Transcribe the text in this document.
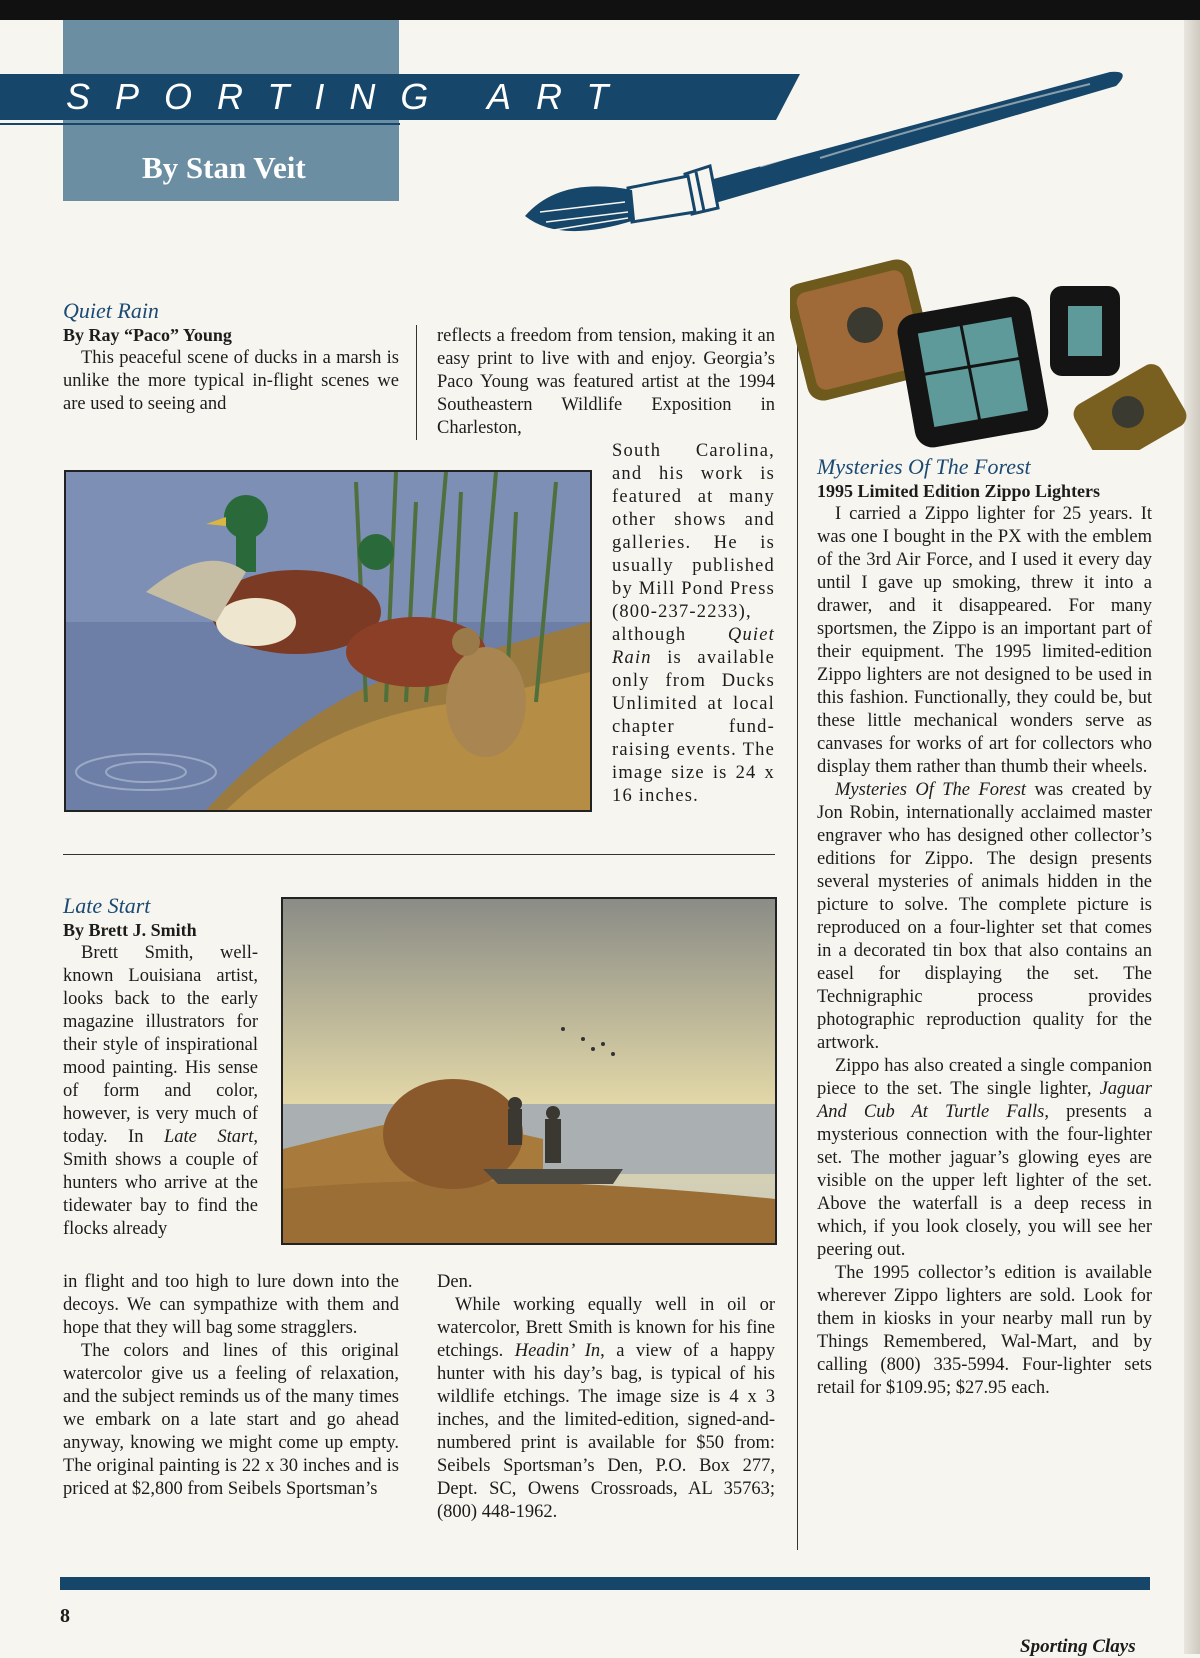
SPORTING ART
By Stan Veit
Quiet Rain
By Ray “Paco” Young

This peaceful scene of ducks in a marsh is unlike the more typical in-flight scenes we are used to seeing and

reflects a freedom from tension, making it an easy print to live with and enjoy. Georgia’s Paco Young was featured artist at the 1994 Southeastern Wildlife Exposition in Charleston,

South Carolina, and his work is featured at many other shows and galleries. He is usually published by Mill Pond Press (800-237-2233), although Quiet Rain is available only from Ducks Unlimited at local chapter fund-raising events. The image size is 24 x 16 inches.

Late Start
By Brett J. Smith

Brett Smith, well-known Louisiana artist, looks back to the early magazine illustrators for their style of inspirational mood painting. His sense of form and color, however, is very much of today. In Late Start, Smith shows a couple of hunters who arrive at the tidewater bay to find the flocks already

in flight and too high to lure down into the decoys. We can sympathize with them and hope that they will bag some stragglers.

The colors and lines of this original watercolor give us a feeling of relaxation, and the subject reminds us of the many times we embark on a late start and go ahead anyway, knowing we might come up empty. The original painting is 22 x 30 inches and is priced at $2,800 from Seibels Sportsman’s

Den.

While working equally well in oil or watercolor, Brett Smith is known for his fine etchings. Headin’ In, a view of a happy hunter with his day’s bag, is typical of his wildlife etchings. The image size is 4 x 3 inches, and the limited-edition, signed-and-numbered print is available for $50 from: Seibels Sportsman’s Den, P.O. Box 277, Dept. SC, Owens Crossroads, AL 35763; (800) 448-1962.

Mysteries Of The Forest
1995 Limited Edition Zippo Lighters

I carried a Zippo lighter for 25 years. It was one I bought in the PX with the emblem of the 3rd Air Force, and I used it every day until I gave up smoking, threw it into a drawer, and it disappeared. For many sportsmen, the Zippo is an important part of their equipment. The 1995 limited-edition Zippo lighters are not designed to be used in this fashion. Functionally, they could be, but these little mechanical wonders serve as canvases for works of art for collectors who display them rather than thumb their wheels.

Mysteries Of The Forest was created by Jon Robin, internationally acclaimed master engraver who has designed other collector’s editions for Zippo. The design presents several mysteries of animals hidden in the picture to solve. The complete picture is reproduced on a four-lighter set that comes in a decorated tin box that also contains an easel for displaying the set. The Technigraphic process provides photographic reproduction quality for the artwork.

Zippo has also created a single companion piece to the set. The single lighter, Jaguar And Cub At Turtle Falls, presents a mysterious connection with the four-lighter set. The mother jaguar’s glowing eyes are visible on the upper left lighter of the set. Above the waterfall is a deep recess in which, if you look closely, you will see her peering out.

The 1995 collector’s edition is available wherever Zippo lighters are sold. Look for them in kiosks in your nearby mall run by Things Remembered, Wal-Mart, and by calling (800) 335-5994. Four-lighter sets retail for $109.95; $27.95 each.

8
Sporting Clays
